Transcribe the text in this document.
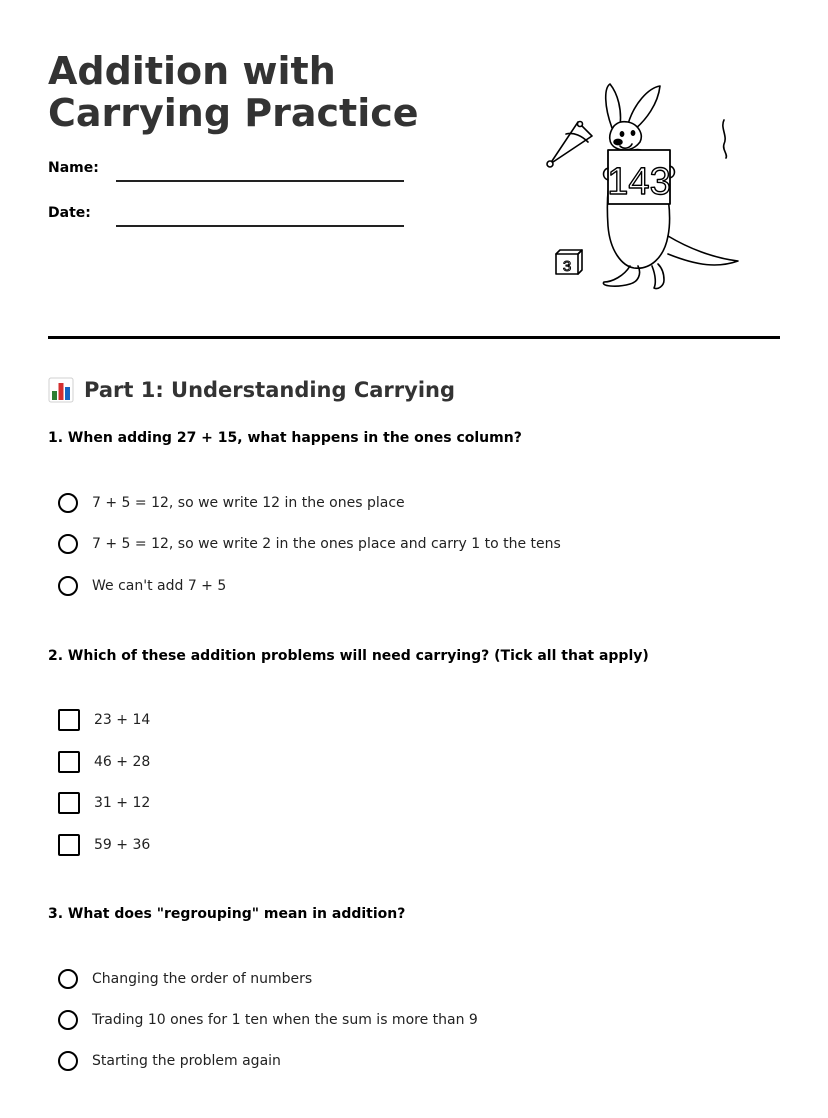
Addition with Carrying Practice
Name:
Date:
143
3
Part 1: Understanding Carrying
1. When adding 27 + 15, what happens in the ones column?
7 + 5 = 12, so we write 12 in the ones place
7 + 5 = 12, so we write 2 in the ones place and carry 1 to the tens
We can't add 7 + 5
2. Which of these addition problems will need carrying? (Tick all that apply)
23 + 14
46 + 28
31 + 12
59 + 36
3. What does "regrouping" mean in addition?
Changing the order of numbers
Trading 10 ones for 1 ten when the sum is more than 9
Starting the problem again
